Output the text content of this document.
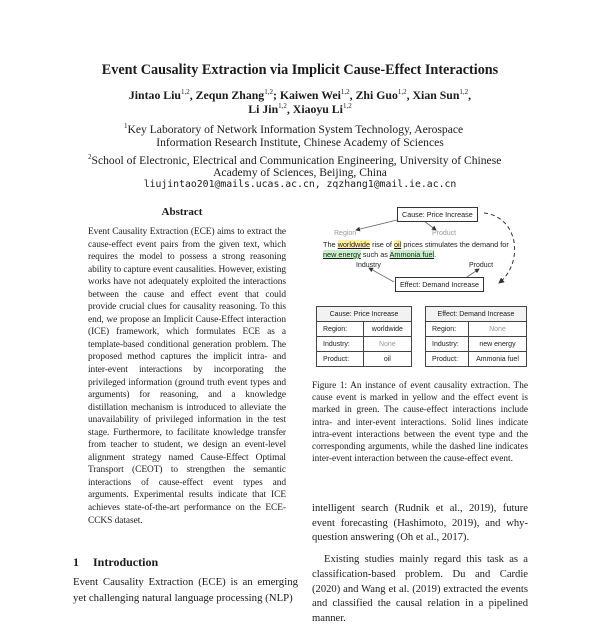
Event Causality Extraction via Implicit Cause-Effect Interactions
Jintao Liu$^{1,2}$, Zequn Zhang$^{1,2}$; Kaiwen Wei$^{1,2}$, Zhi Guo$^{1,2}$, Xian Sun$^{1,2}$,
Li Jin$^{1,2}$, Xiaoyu Li$^{1,2}$
$^1$Key Laboratory of Network Information System Technology, Aerospace
Information Research Institute, Chinese Academy of Sciences
$^2$School of Electronic, Electrical and Communication Engineering, University of Chinese
Academy of Sciences, Beijing, China
liujintao201@mails.ucas.ac.cn, zqzhang1@mail.ie.ac.cn
Abstract
Event Causality Extraction (ECE) aims to extract the cause-effect event pairs from the given text, which requires the model to possess a strong reasoning ability to capture event causalities. However, existing works have not adequately exploited the interactions between the cause and effect event that could provide crucial clues for causality reasoning. To this end, we propose an Implicit Cause-Effect interaction (ICE) framework, which formulates ECE as a template-based conditional generation problem. The proposed method captures the implicit intra- and inter-event interactions by incorporating the privileged information (ground truth event types and arguments) for reasoning, and a knowledge distillation mechanism is introduced to alleviate the unavailability of privileged information in the test stage. Furthermore, to facilitate knowledge transfer from teacher to student, we design an event-level alignment strategy named Cause-Effect Optimal Transport (CEOT) to strengthen the semantic interactions of cause-effect event types and arguments. Experimental results indicate that ICE achieves state-of-the-art performance on the ECE-CCKS dataset.
1 Introduction
Event Causality Extraction (ECE) is an emerging yet challenging natural language processing (NLP)
Cause: Price Increase
Region	Product
The worldwide rise of oil prices stimulates the demand for new energy such as Ammonia fuel.
Industry	Product
Effect: Demand Increase
Cause: Price Increase	
Region:	worldwide
Industry:	None
Product:	oil
Effect: Demand Increase	
Region:	None
Industry:	new energy
Product:	Ammonia fuel
Figure 1: An instance of event causality extraction. The cause event is marked in yellow and the effect event is marked in green. The cause-effect interactions include intra- and inter-event interactions. Solid lines indicate intra-event interactions between the event type and the corresponding arguments, while the dashed line indicates inter-event interaction between the cause-effect event.

intelligent search (Rudnik et al., 2019), future event forecasting (Hashimoto, 2019), and why-question answering (Oh et al., 2017).

Existing studies mainly regard this task as a classification-based problem. Du and Cardie (2020) and Wang et al. (2019) extracted the events and classified the causal relation in a pipelined manner.
